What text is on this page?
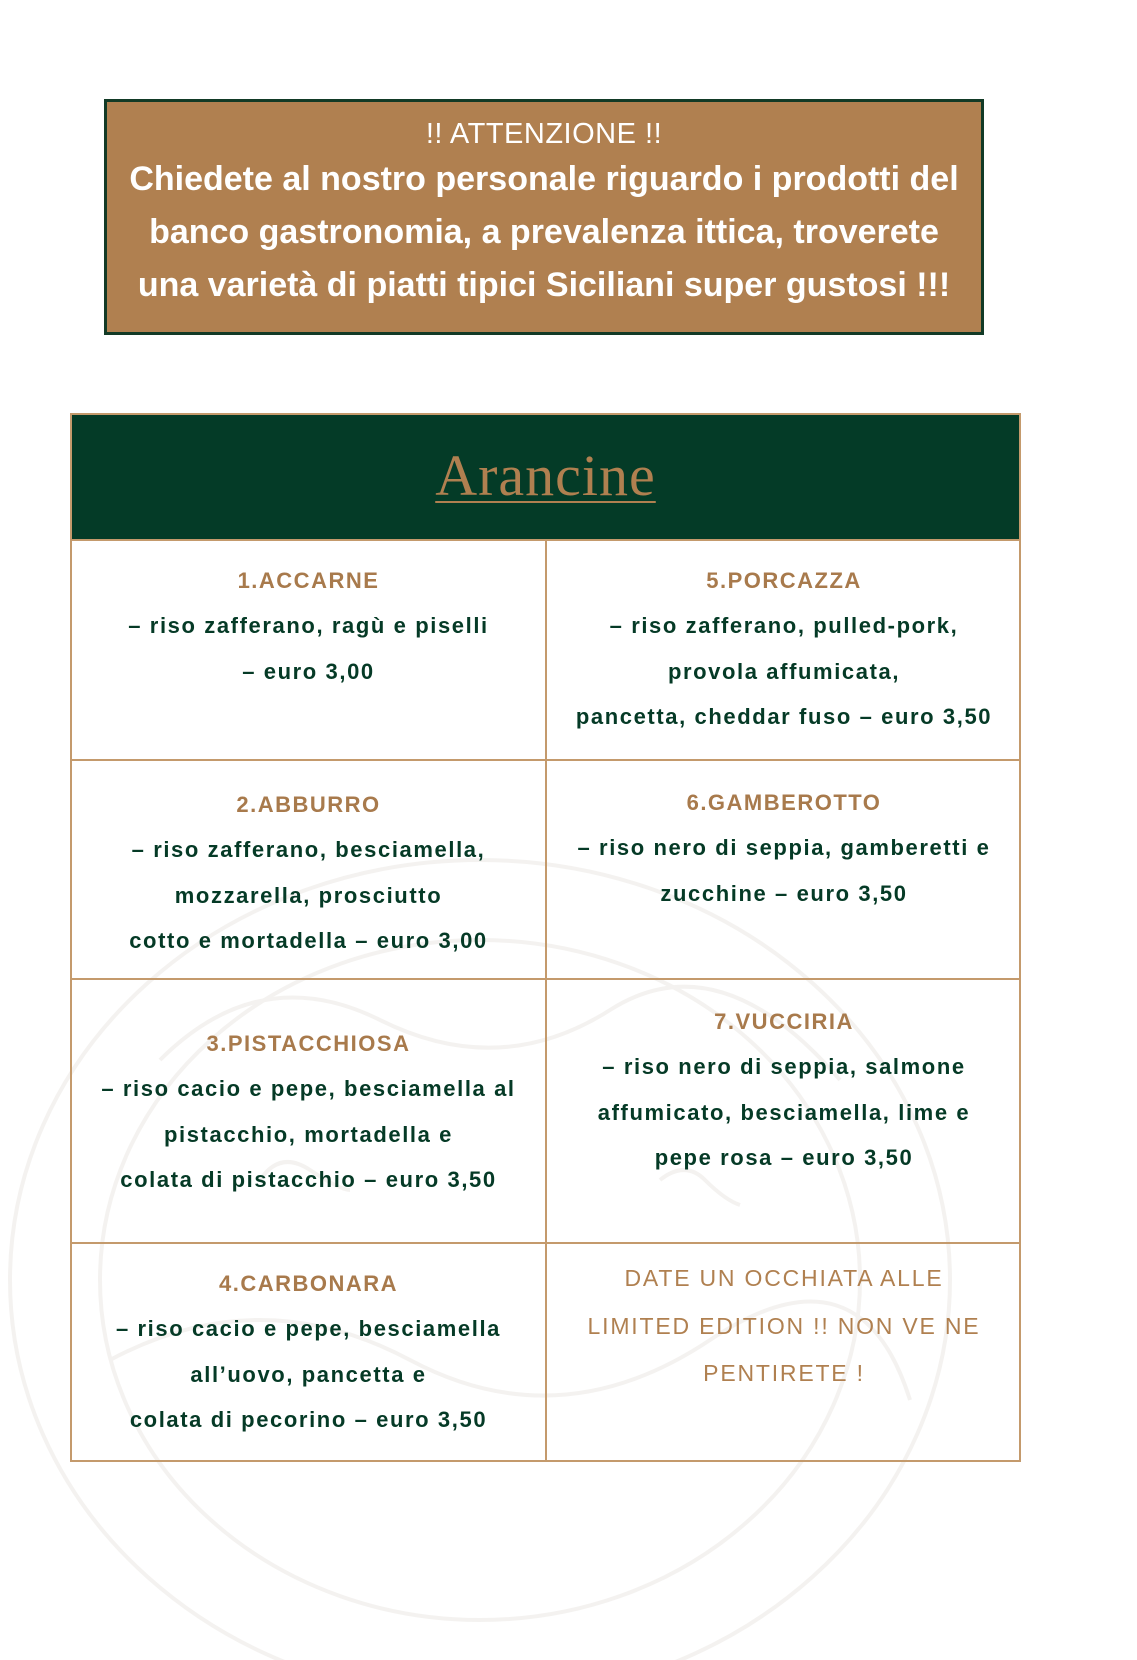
!! ATTENZIONE !!
Chiedete al nostro personale riguardo i prodotti del
banco gastronomia, a prevalenza ittica, troverete
una varietà di piatti tipici Siciliani super gustosi !!!
Arancine
1.ACCARNE
– riso zafferano, ragù e piselli
– euro 3,00
5.PORCAZZA
– riso zafferano, pulled-pork,
provola affumicata,
pancetta, cheddar fuso – euro 3,50
2.ABBURRO
– riso zafferano, besciamella,
mozzarella, prosciutto
cotto e mortadella – euro 3,00
6.GAMBEROTTO
– riso nero di seppia, gamberetti e
zucchine – euro 3,50
3.PISTACCHIOSA
– riso cacio e pepe, besciamella al
pistacchio, mortadella e
colata di pistacchio – euro 3,50
7.VUCCIRIA
– riso nero di seppia, salmone
affumicato, besciamella, lime e
pepe rosa – euro 3,50
4.CARBONARA
– riso cacio e pepe, besciamella
all’uovo, pancetta e
colata di pecorino – euro 3,50
DATE UN OCCHIATA ALLE
LIMITED EDITION !! NON VE NE
PENTIRETE !
